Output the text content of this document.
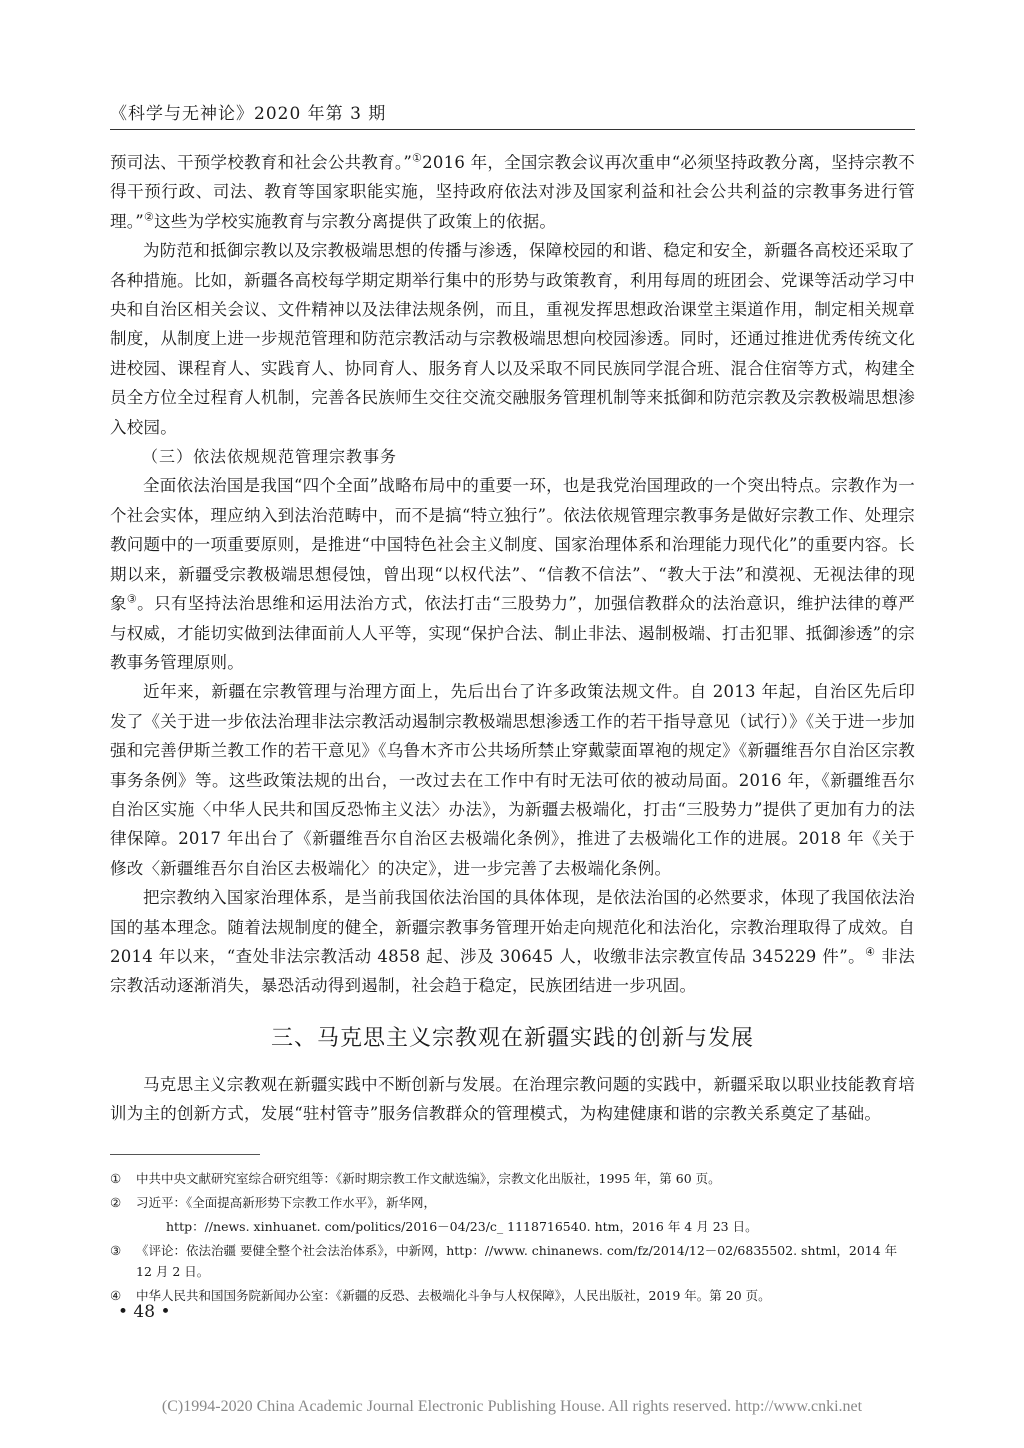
《科学与无神论》2020 年第 3 期

预司法、干预学校教育和社会公共教育。”①2016 年，全国宗教会议再次重申“必须坚持政教分离，坚持宗教不得干预行政、司法、教育等国家职能实施，坚持政府依法对涉及国家利益和社会公共利益的宗教事务进行管理。”②这些为学校实施教育与宗教分离提供了政策上的依据。

为防范和抵御宗教以及宗教极端思想的传播与渗透，保障校园的和谐、稳定和安全，新疆各高校还采取了各种措施。比如，新疆各高校每学期定期举行集中的形势与政策教育，利用每周的班团会、党课等活动学习中央和自治区相关会议、文件精神以及法律法规条例，而且，重视发挥思想政治课堂主渠道作用，制定相关规章制度，从制度上进一步规范管理和防范宗教活动与宗教极端思想向校园渗透。同时，还通过推进优秀传统文化进校园、课程育人、实践育人、协同育人、服务育人以及采取不同民族同学混合班、混合住宿等方式，构建全员全方位全过程育人机制，完善各民族师生交往交流交融服务管理机制等来抵御和防范宗教及宗教极端思想渗入校园。

（三）依法依规规范管理宗教事务

全面依法治国是我国“四个全面”战略布局中的重要一环，也是我党治国理政的一个突出特点。宗教作为一个社会实体，理应纳入到法治范畴中，而不是搞“特立独行”。依法依规管理宗教事务是做好宗教工作、处理宗教问题中的一项重要原则，是推进“中国特色社会主义制度、国家治理体系和治理能力现代化”的重要内容。长期以来，新疆受宗教极端思想侵蚀，曾出现“以权代法”、“信教不信法”、“教大于法”和漠视、无视法律的现象③。只有坚持法治思维和运用法治方式，依法打击“三股势力”，加强信教群众的法治意识，维护法律的尊严与权威，才能切实做到法律面前人人平等，实现“保护合法、制止非法、遏制极端、打击犯罪、抵御渗透”的宗教事务管理原则。

近年来，新疆在宗教管理与治理方面上，先后出台了许多政策法规文件。自 2013 年起，自治区先后印发了《关于进一步依法治理非法宗教活动遏制宗教极端思想渗透工作的若干指导意见（试行）》《关于进一步加强和完善伊斯兰教工作的若干意见》《乌鲁木齐市公共场所禁止穿戴蒙面罩袍的规定》《新疆维吾尔自治区宗教事务条例》等。这些政策法规的出台，一改过去在工作中有时无法可依的被动局面。2016 年，《新疆维吾尔自治区实施〈中华人民共和国反恐怖主义法〉办法》，为新疆去极端化，打击“三股势力”提供了更加有力的法律保障。2017 年出台了《新疆维吾尔自治区去极端化条例》，推进了去极端化工作的进展。2018 年《关于修改〈新疆维吾尔自治区去极端化〉的决定》，进一步完善了去极端化条例。

把宗教纳入国家治理体系，是当前我国依法治国的具体体现，是依法治国的必然要求，体现了我国依法治国的基本理念。随着法规制度的健全，新疆宗教事务管理开始走向规范化和法治化，宗教治理取得了成效。自 2014 年以来，“查处非法宗教活动 4858 起、涉及 30645 人，收缴非法宗教宣传品 345229 件”。④ 非法宗教活动逐渐消失，暴恐活动得到遏制，社会趋于稳定，民族团结进一步巩固。

三、马克思主义宗教观在新疆实践的创新与发展

马克思主义宗教观在新疆实践中不断创新与发展。在治理宗教问题的实践中，新疆采取以职业技能教育培训为主的创新方式，发展“驻村管寺”服务信教群众的管理模式，为构建健康和谐的宗教关系奠定了基础。

①	中共中央文献研究室综合研究组等：《新时期宗教工作文献选编》，宗教文化出版社，1995 年，第 60 页。
②	习近平：《全面提高新形势下宗教工作水平》，新华网，
http：//news. xinhuanet. com/politics/2016－04/23/c_ 1118716540. htm，2016 年 4 月 23 日。
③	《评论：依法治疆 要健全整个社会法治体系》，中新网，http：//www. chinanews. com/fz/2014/12－02/6835502. shtml，2014 年 12 月 2 日。
④	中华人民共和国国务院新闻办公室：《新疆的反恐、去极端化斗争与人权保障》，人民出版社，2019 年。第 20 页。
• 48 •
(C)1994-2020 China Academic Journal Electronic Publishing House. All rights reserved. http://www.cnki.net
